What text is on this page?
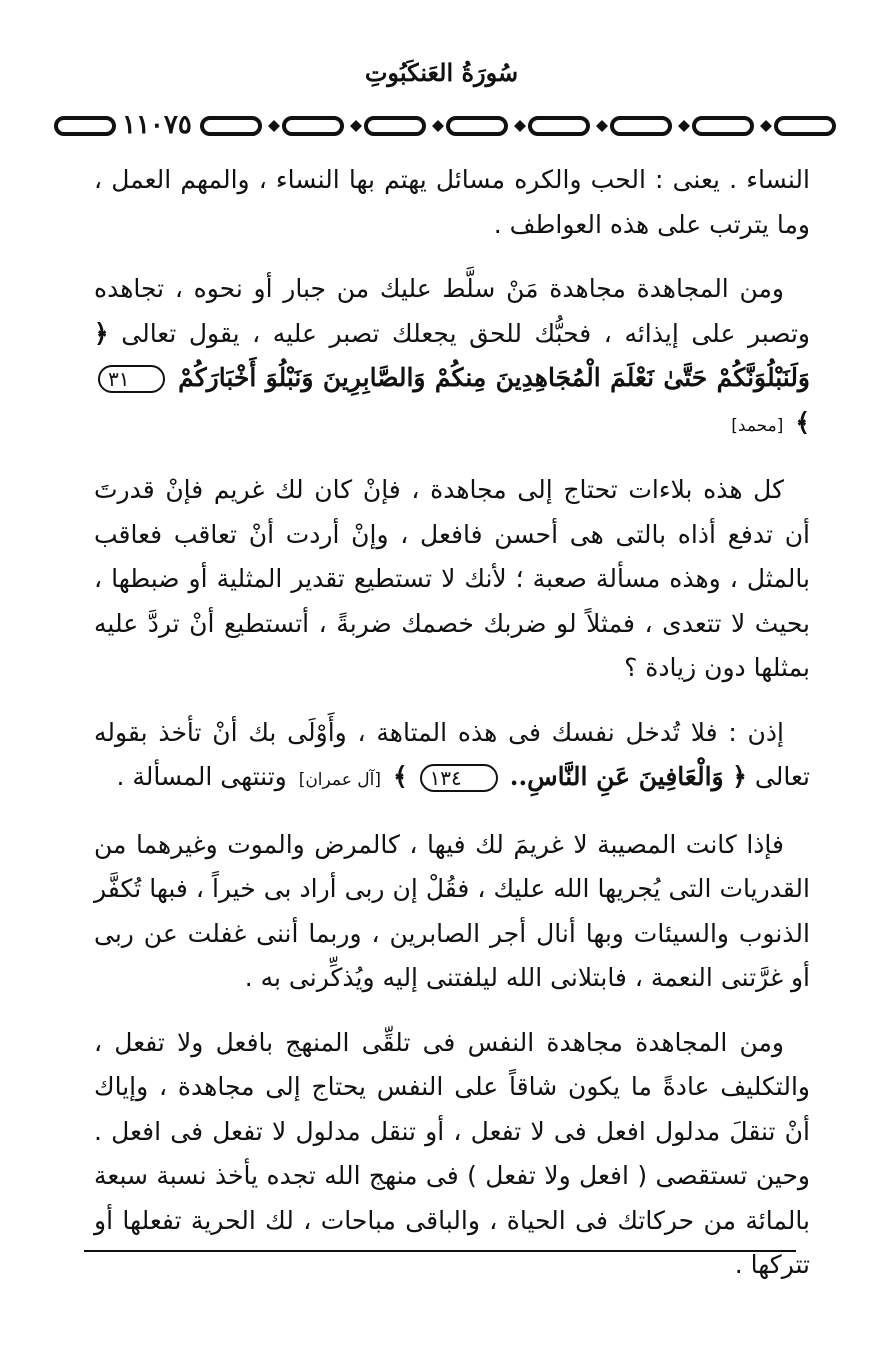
سُورَةُ العَنكَبُوتِ
١١٠٧٥

النساء . يعنى : الحب والكره مسائل يهتم بها النساء ، والمهم العمل ، وما يترتب على هذه العواطف .

ومن المجاهدة مجاهدة مَنْ سلَّط عليك من جبار أو نحوه ، تجاهده وتصبر على إيذائه ، فحبُّك للحق يجعلك تصبر عليه ، يقول تعالى ﴿ وَلَنَبْلُوَنَّكُمْ حَتَّىٰ نَعْلَمَ الْمُجَاهِدِينَ مِنكُمْ وَالصَّابِرِينَ وَنَبْلُوَ أَخْبَارَكُمْ ٣١ ﴾ [محمد]

كل هذه بلاءات تحتاج إلى مجاهدة ، فإنْ كان لك غريم فإنْ قدرتَ أن تدفع أذاه بالتى هى أحسن فافعل ، وإنْ أردت أنْ تعاقب فعاقب بالمثل ، وهذه مسألة صعبة ؛ لأنك لا تستطيع تقدير المثلية أو ضبطها ، بحيث لا تتعدى ، فمثلاً لو ضربك خصمك ضربةً ، أتستطيع أنْ تردَّ عليه بمثلها دون زيادة ؟

إذن : فلا تُدخل نفسك فى هذه المتاهة ، وأَوْلَى بك أنْ تأخذ بقوله تعالى ﴿ وَالْعَافِينَ عَنِ النَّاسِ.. ١٣٤ ﴾ [آل عمران] وتنتهى المسألة .

فإذا كانت المصيبة لا غريمَ لك فيها ، كالمرض والموت وغيرهما من القدريات التى يُجريها الله عليك ، فقُلْ إن ربى أراد بى خيراً ، فبها تُكفَّر الذنوب والسيئات وبها أنال أجر الصابرين ، وربما أننى غفلت عن ربى أو غرَّتنى النعمة ، فابتلانى الله ليلفتنى إليه ويُذكِّرنى به .

ومن المجاهدة مجاهدة النفس فى تلقِّى المنهج بافعل ولا تفعل ، والتكليف عادةً ما يكون شاقاً على النفس يحتاج إلى مجاهدة ، وإياك أنْ تنقلَ مدلول افعل فى لا تفعل ، أو تنقل مدلول لا تفعل فى افعل . وحين تستقصى ( افعل ولا تفعل ) فى منهج الله تجده يأخذ نسبة سبعة بالمائة من حركاتك فى الحياة ، والباقى مباحات ، لك الحرية تفعلها أو تتركها .
